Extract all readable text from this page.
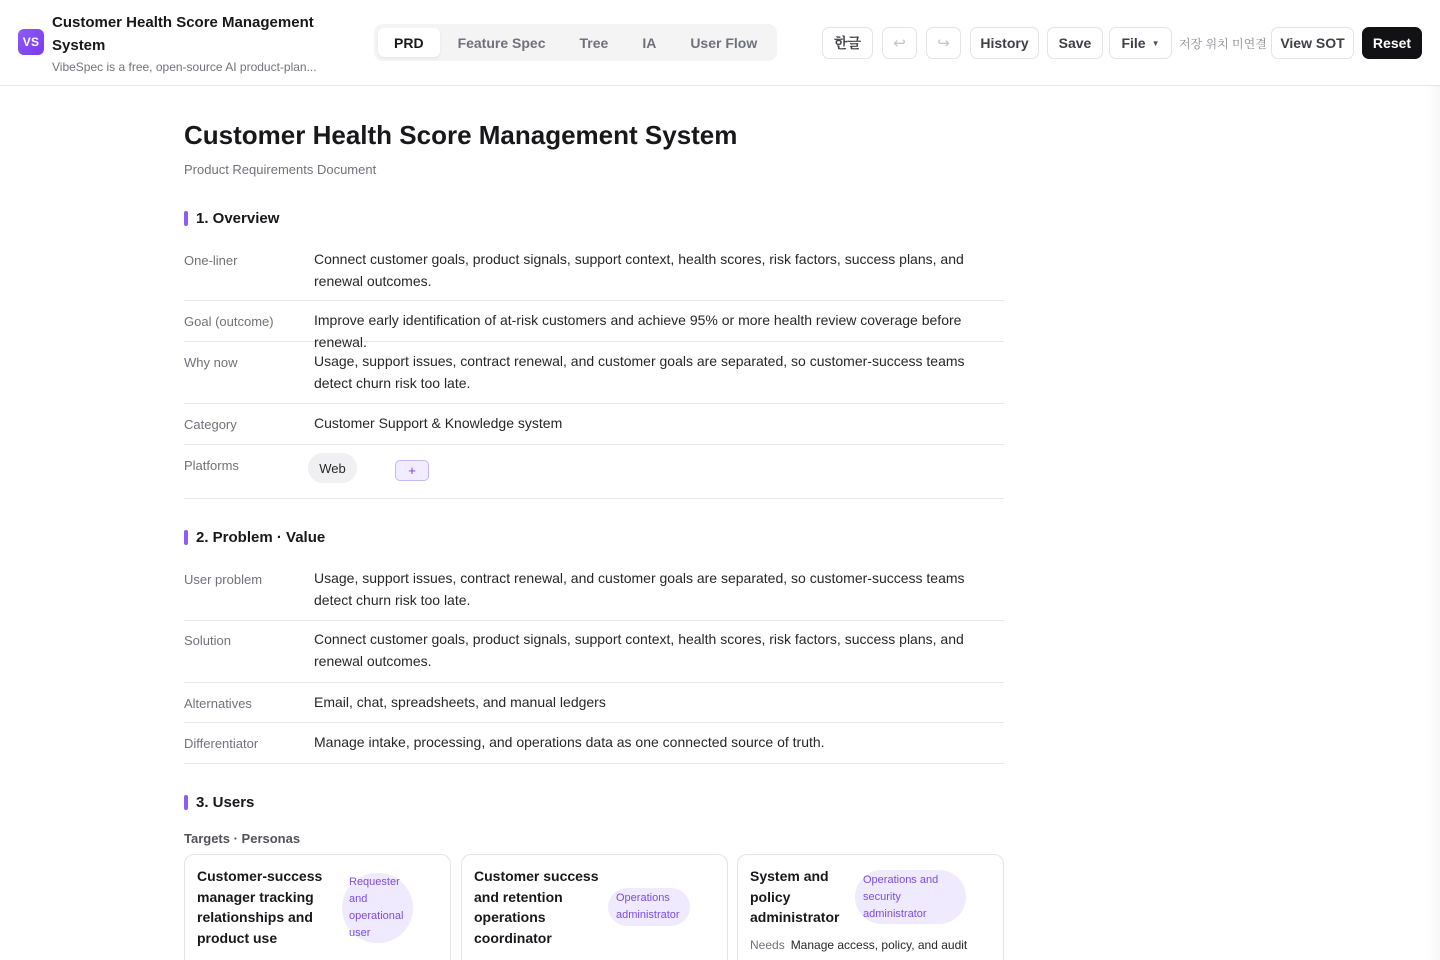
VS
Customer Health Score Management System
VibeSpec is a free, open-source AI product-plan...
PRD	Feature Spec	Tree	IA	User Flow	한글	↩	↪	History	Save	File ▼ 저장 위치 미연결 View SOT	Reset
Customer Health Score Management System
Product Requirements Document
1. Overview
One-liner	Connect customer goals, product signals, support context, health scores, risk factors, success plans, and renewal outcomes.
Goal (outcome)	Improve early identification of at-risk customers and achieve 95% or more health review coverage before renewal.
Why now	Usage, support issues, contract renewal, and customer goals are separated, so customer-success teams detect churn risk too late.
Category	Customer Support & Knowledge system
Platforms	Web	+
2. Problem · Value
User problem	Usage, support issues, contract renewal, and customer goals are separated, so customer-success teams detect churn risk too late.
Solution	Connect customer goals, product signals, support context, health scores, risk factors, success plans, and renewal outcomes.
Alternatives	Email, chat, spreadsheets, and manual ledgers
Differentiator	Manage intake, processing, and operations data as one connected source of truth.
3. Users
Targets · Personas
Customer-success manager tracking relationships and product use
Requester and operational user
Customer success and retention operations coordinator
Operations administrator
System and policy administrator
Operations and security administrator
Needs Manage access, policy, and audit
